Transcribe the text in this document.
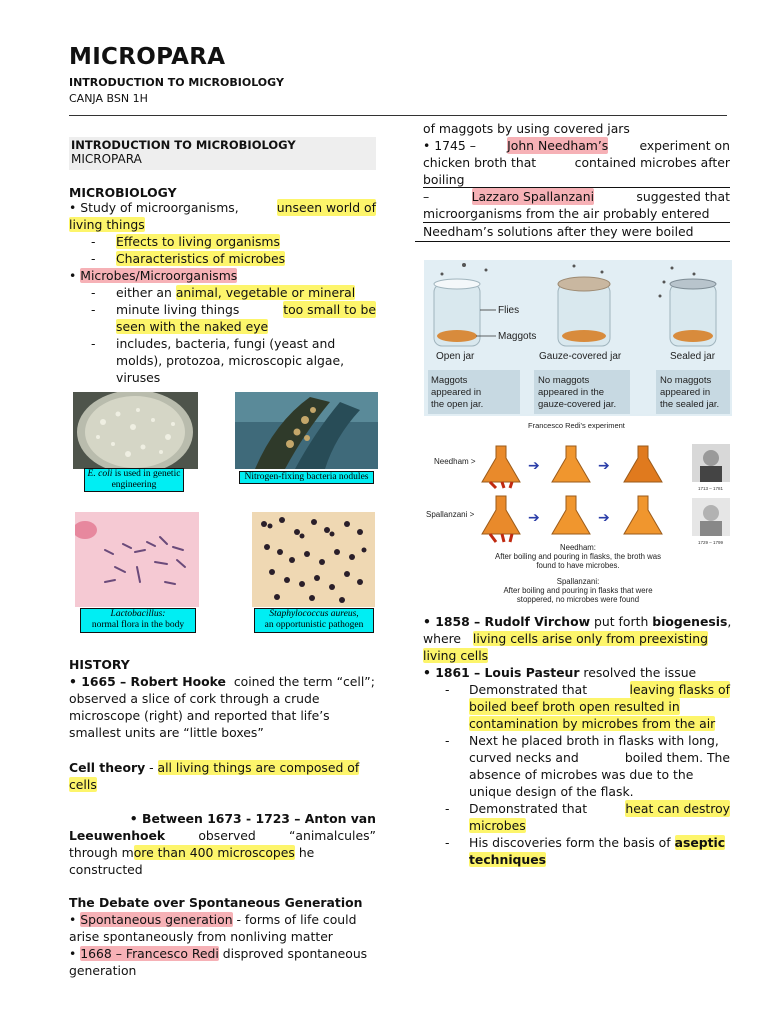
MICROPARA
INTRODUCTION TO MICROBIOLOGY
CANJA BSN 1H
INTRODUCTION TO MICROBIOLOGY
MICROPARA
MICROBIOLOGY
• Study of microorganisms,	unseen world of
living things
- Effects to living organisms
- Characteristics of microbes
• Microbes/Microorganisms
- either an animal, vegetable or mineral
- minute living things	too small to be
seen with the naked eye
- includes, bacteria, fungi (yeast and
molds), protozoa, microscopic algae,
viruses
E. coli is used in genetic engineering
Nitrogen-fixing bacteria nodules
Lactobacillus:
normal flora in the body
Staphylococcus aureus,
an opportunistic pathogen
HISTORY
• 1665 – Robert Hooke coined the term “cell”;
observed a slice of cork through a crude
microscope (right) and reported that life’s
smallest units are “little boxes”
Cell theory - all living things are composed of
cells
• Between 1673 - 1723 – Anton van
Leeuwenhoek	observed	“animalcules”
through more than 400 microscopes he
constructed
The Debate over Spontaneous Generation
• Spontaneous generation - forms of life could
arise spontaneously from nonliving matter
• 1668 – Francesco Redi disproved spontaneous
generation
of maggots by using covered jars
• 1745 –	John Needham’s	experiment on
chicken broth that	contained microbes after
boiling
–	Lazzaro Spallanzani	suggested that
microorganisms from the air probably entered
Needham’s solutions after they were boiled
Flies
Maggots
Open jar	Gauze-covered jar	Sealed jar
Maggots
appeared in
the open jar.
No maggots
appeared in the
gauze-covered jar.
No maggots
appeared in
the sealed jar.
Francesco Redi's experiment
Needham >
Spallanzani >
➔	➔
➔	➔
1713 – 1781
1729 – 1799
Needham:
After boiling and pouring in flasks, the broth was
found to have microbes.
Spallanzani:
After boiling and pouring in flasks that were
stoppered, no microbes were found
• 1858 – Rudolf Virchow put forth biogenesis,
where living cells arise only from preexisting
living cells
• 1861 – Louis Pasteur resolved the issue
- Demonstrated that	leaving flasks of
boiled beef broth open resulted in
contamination by microbes from the air
- Next he placed broth in flasks with long,
curved necks and	boiled them. The
absence of microbes was due to the
unique design of the flask.
- Demonstrated that	heat can destroy
microbes
- His discoveries form the basis of aseptic
techniques
